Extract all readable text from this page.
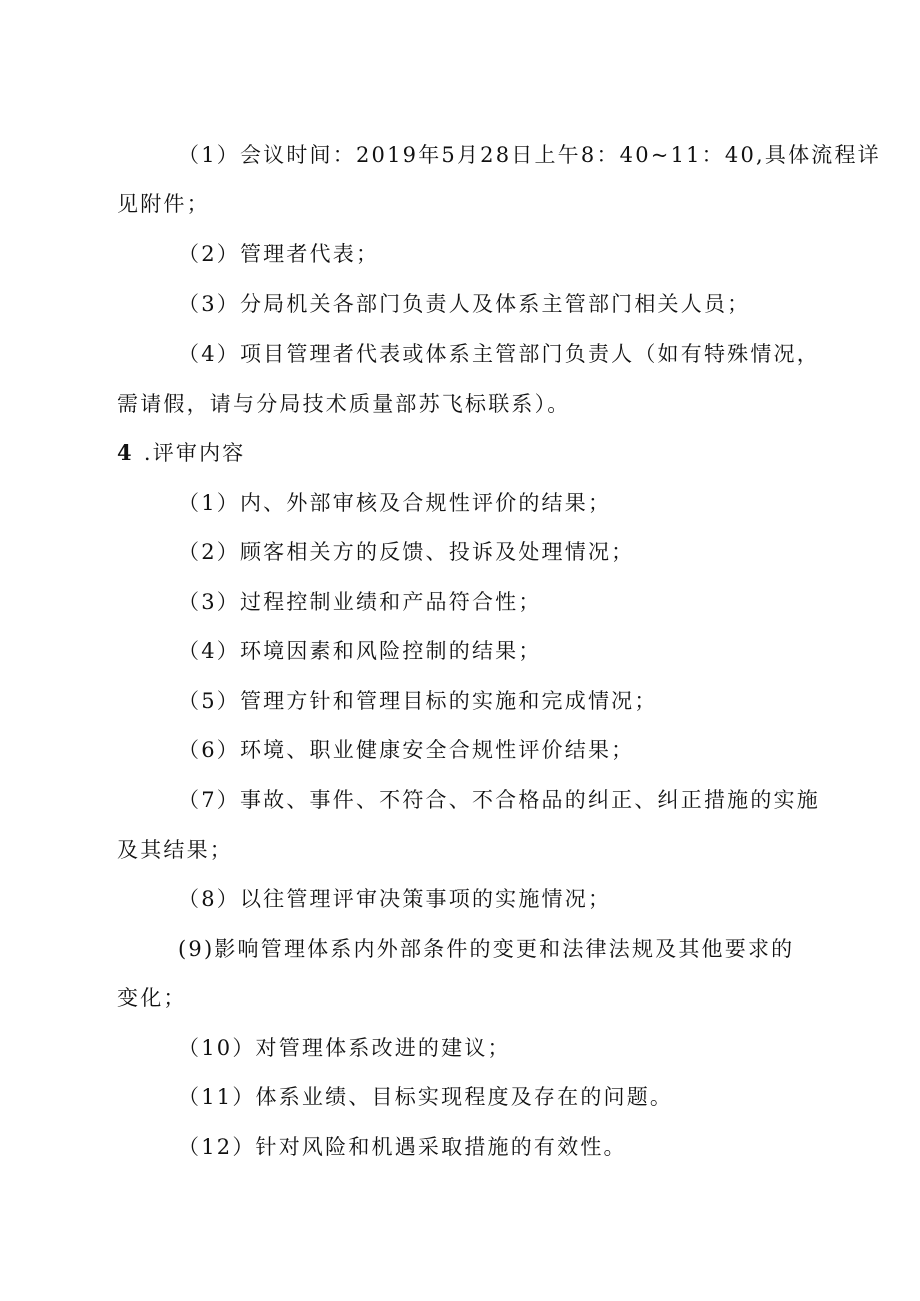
（1）会议时间：2019年5月28日上午8：40~11：40,具体流程详
见附件；
（2）管理者代表；
（3）分局机关各部门负责人及体系主管部门相关人员；
（4）项目管理者代表或体系主管部门负责人（如有特殊情况，
需请假，请与分局技术质量部苏飞标联系）。
4 .评审内容
（1）内、外部审核及合规性评价的结果；
（2）顾客相关方的反馈、投诉及处理情况；
（3）过程控制业绩和产品符合性；
（4）环境因素和风险控制的结果；
（5）管理方针和管理目标的实施和完成情况；
（6）环境、职业健康安全合规性评价结果；
（7）事故、事件、不符合、不合格品的纠正、纠正措施的实施
及其结果；
（8）以往管理评审决策事项的实施情况；
(9)影响管理体系内外部条件的变更和法律法规及其他要求的
变化；
（10）对管理体系改进的建议；
（11）体系业绩、目标实现程度及存在的问题。
（12）针对风险和机遇采取措施的有效性。
